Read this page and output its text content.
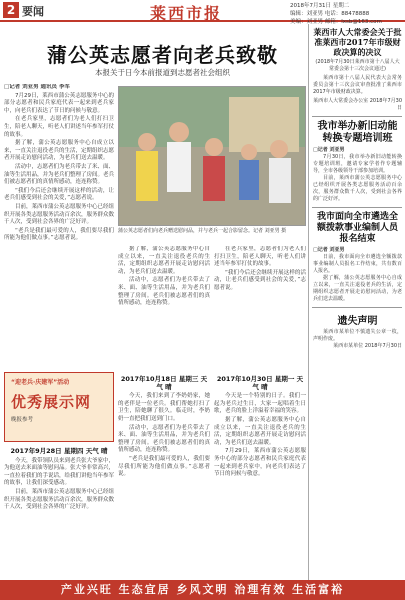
2 要闻	莱西市报	2018年7月31日 星期二
编辑：刘亚男 电话：88478888
美编：刘亚男 邮箱：lxsb@163.com
蒲公英志愿者向老兵致敬
本报关于日今本前报道到志愿者社会组织

□记者 刘亚男 通讯员 李军

7月29日，莱西市蒲公英志愿服务中心的部分志愿者和民兵家庭代表一起来到老兵家中，向老兵们表达了节日的问候与敬意。

在老兵家里，志愿者们为老人们打扫卫生，陪老人聊天，听老人们讲述当年参军打仗的故事。

据了解，蒲公英志愿服务中心自成立以来，一直关注退役老兵的生活，定期组织志愿者开展走访慰问活动，为老兵们送去温暖。

活动中，志愿者们为老兵带去了米、面、油等生活用品，并为老兵们整理了房间。老兵们被志愿者们的真情所感动，连连称赞。

“我们今后还会继续开展这样的活动，让老兵们感受到社会的关爱，”志愿者说。

目前，莱西市蒲公英志愿服务中心已经组织开展各类志愿服务活动百余次，服务群众数千人次，受到社会各界的广泛好评。

“老兵是我们最可爱的人，我们要尽我们所能为他们做点事。”志愿者说。

蒲公英志愿者们向老兵赠送慰问品，并与老兵一起合影留念。记者 刘亚男 摄

据了解，蒲公英志愿服务中心自成立以来，一直关注退役老兵的生活，定期组织志愿者开展走访慰问活动，为老兵们送去温暖。

活动中，志愿者们为老兵带去了米、面、油等生活用品，并为老兵们整理了房间。老兵们被志愿者们的真情所感动，连连称赞。

在老兵家里，志愿者们为老人们打扫卫生，陪老人聊天，听老人们讲述当年参军打仗的故事。

“我们今后还会继续开展这样的活动，让老兵们感受到社会的关爱，”志愿者说。

“迎老兵·庆建军”活动
优秀展示网
晚报参考
2017年9月28日 星期四 天气 晴

今天，我带领队员来到老兵张大爷家中，为他送去米面油等慰问品。张大爷非常高兴，一直拉着我们的手说话，给我们讲他当年参军的故事，让我们深受感动。

目前，莱西市蒲公英志愿服务中心已经组织开展各类志愿服务活动百余次，服务群众数千人次，受到社会各界的广泛好评。

2017年10月18日 星期三 天气 晴

今天，我们来到了李奶奶家，她的老伴是一位老兵。我们帮她打扫了卫生，陪她聊了很久。临走时，李奶奶一直把我们送到门口。

活动中，志愿者们为老兵带去了米、面、油等生活用品，并为老兵们整理了房间。老兵们被志愿者们的真情所感动，连连称赞。

“老兵是我们最可爱的人，我们要尽我们所能为他们做点事。”志愿者说。

2017年10月30日 星期一 天气 晴

今天是一个特别的日子。我们一起为老兵过生日，大家一起唱着生日歌，老兵的脸上洋溢着幸福的笑容。

据了解，蒲公英志愿服务中心自成立以来，一直关注退役老兵的生活，定期组织志愿者开展走访慰问活动，为老兵们送去温暖。

7月29日，莱西市蒲公英志愿服务中心的部分志愿者和民兵家庭代表一起来到老兵家中，向老兵们表达了节日的问候与敬意。

莱西市人大常委会关于批准莱西市2017年市级财政决算的决议
(2018年7月30日莱西市第十八届人大常委会第十三次会议通过)
莱西市第十八届人民代表大会常务委员会第十三次会议审查批准了莱西市2017年市级财政决算。
莱西市人大常委会办公室 2018年7月30日
我市举办新旧动能转换专题培训班
□记者 刘亚男
7月30日，我市举办新旧动能转换专题培训班，邀请专家学者作专题辅导，全市各级领导干部参加培训。
目前，莱西市蒲公英志愿服务中心已经组织开展各类志愿服务活动百余次，服务群众数千人次，受到社会各界的广泛好评。
我市面向全市遴选全额拨款事业编制人员报名结束
□记者 刘亚男
日前，我市面向全市遴选全额拨款事业编制人员报名工作结束，共有数百人报名。
据了解，蒲公英志愿服务中心自成立以来，一直关注退役老兵的生活，定期组织志愿者开展走访慰问活动，为老兵们送去温暖。
遗失声明
莱西市某单位不慎遗失公章一枚，声明作废。
莱西市某单位 2018年7月30日
产业兴旺 生态宜居 乡风文明 治理有效 生活富裕
